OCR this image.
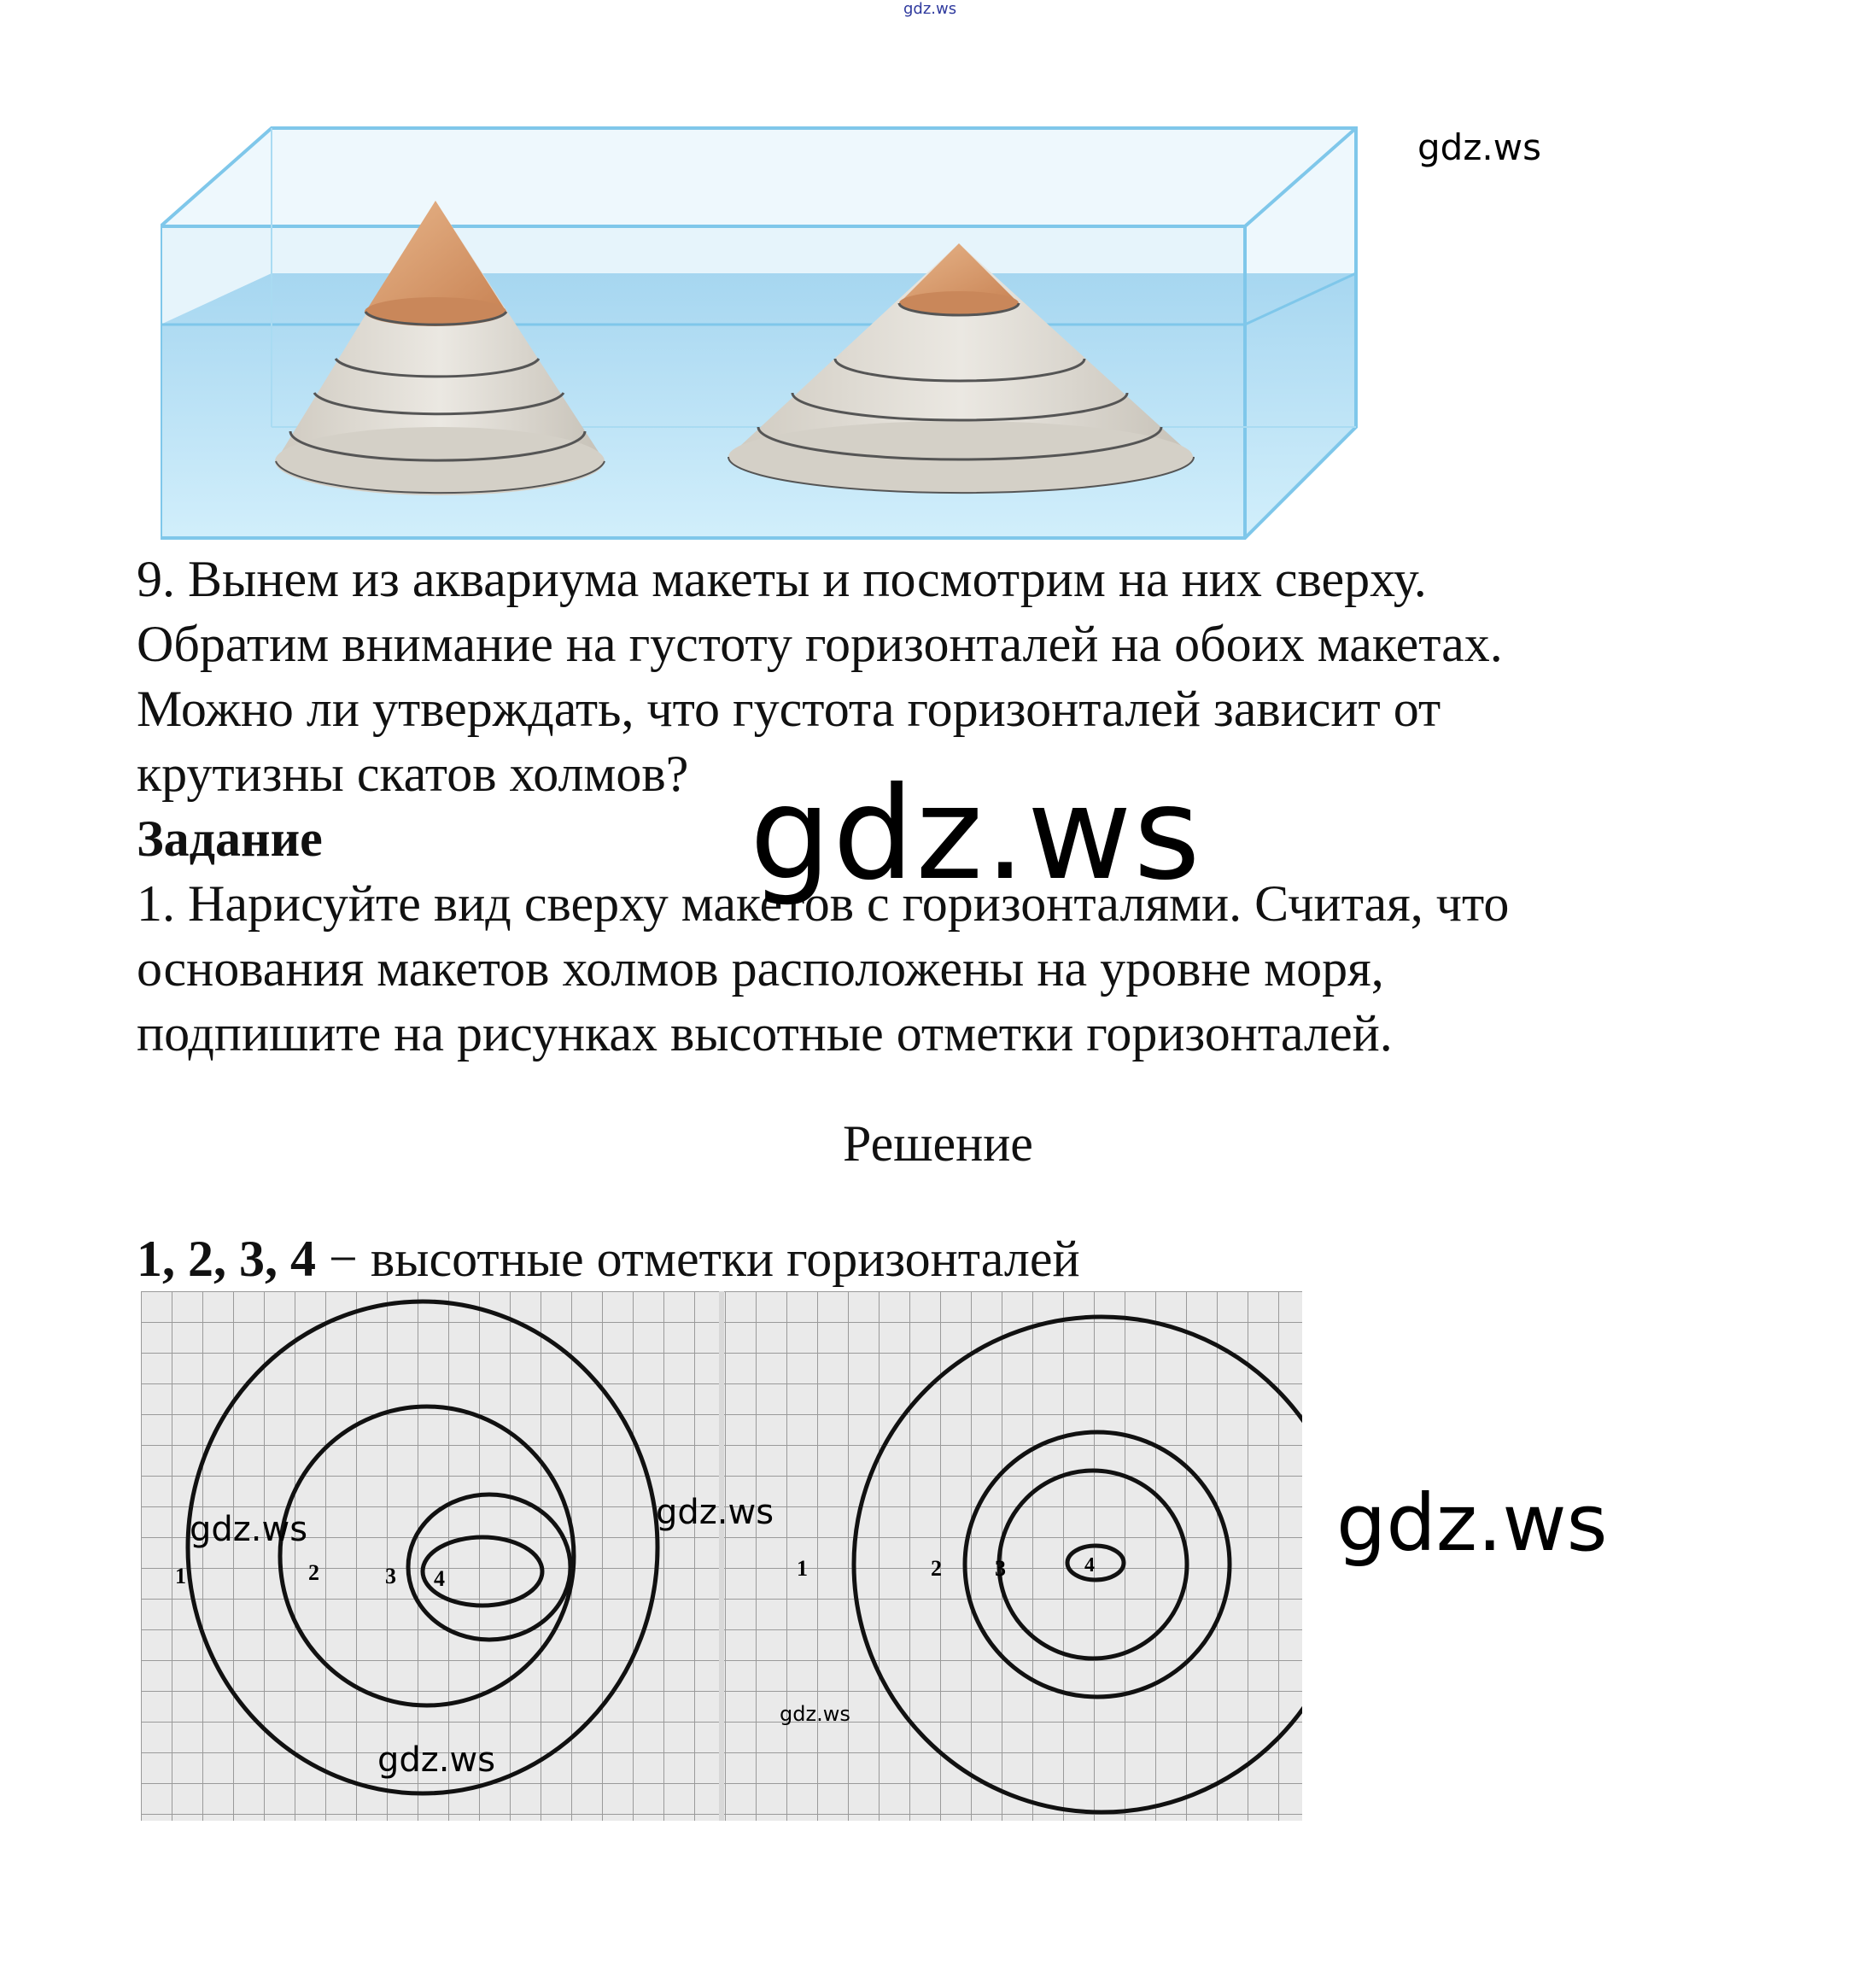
gdz.ws
gdz.ws

9. Вынем из аквариума макеты и посмотрим на них сверху.

Обратим внимание на густоту горизонталей на обоих макетах.

Можно ли утверждать, что густота горизонталей зависит от

крутизны скатов холмов?

Задание

1. Нарисуйте вид сверху макетов с горизонталями. Считая, что

основания макетов холмов расположены на уровне моря,

подпишите на рисунках высотные отметки горизонталей.

gdz.ws
Решение
1, 2, 3, 4 − высотные отметки горизонталей
1	2	3 4	1	2 3	4
gdz.ws	gdz.ws
gdz.ws
gdz.ws
gdz.ws
